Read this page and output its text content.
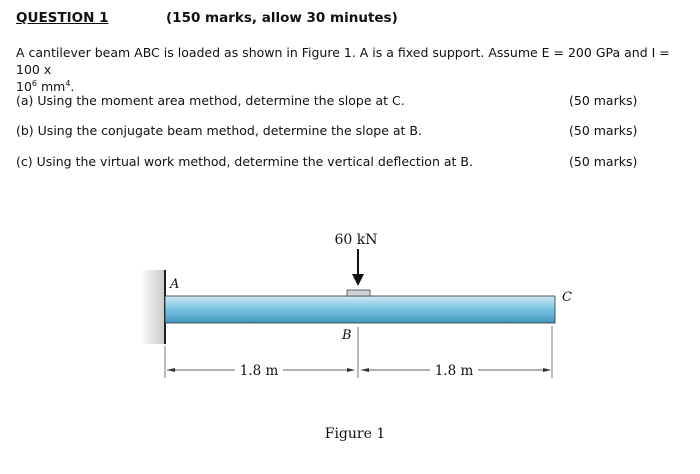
QUESTION 1	(150 marks, allow 30 minutes)
A cantilever beam ABC is loaded as shown in Figure 1. A is a fixed support. Assume E = 200 GPa and I = 100 x
$10^6$ $mm^4$.
(a) Using the moment area method, determine the slope at C.	(50 marks)
(b) Using the conjugate beam method, determine the slope at B.	(50 marks)
(c) Using the virtual work method, determine the vertical deflection at B.	(50 marks)
60 kN
A
C
B
1.8 m	1.8 m
Figure 1
